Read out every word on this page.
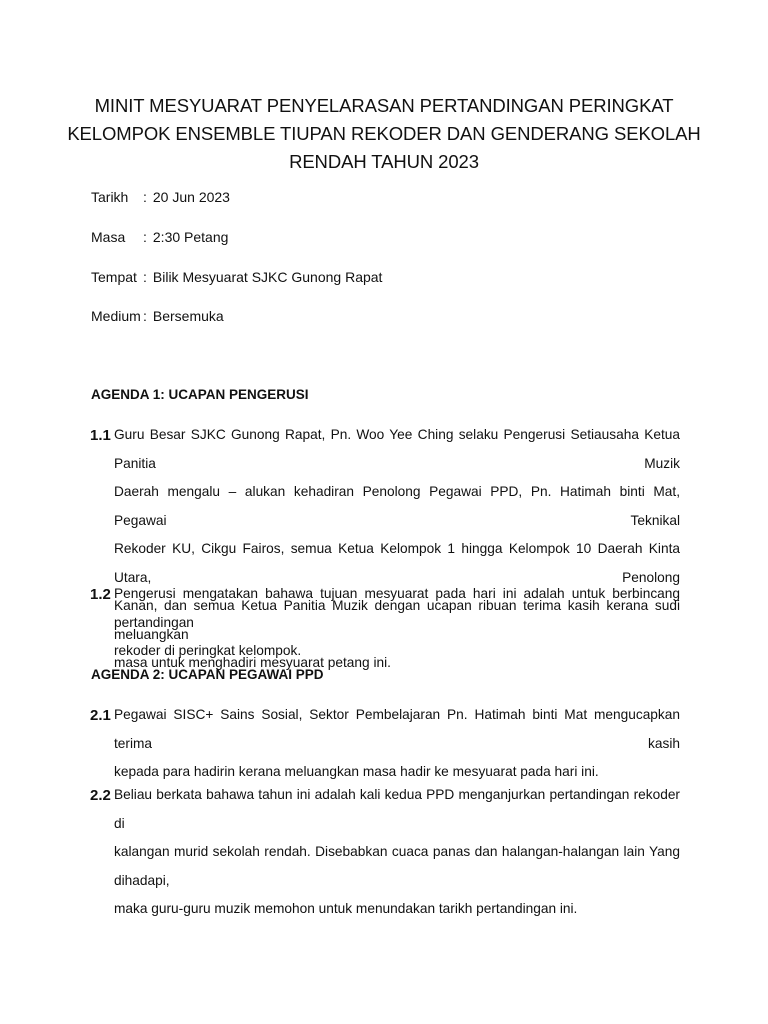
MINIT MESYUARAT PENYELARASAN PERTANDINGAN PERINGKAT
KELOMPOK ENSEMBLE TIUPAN REKODER DAN GENDERANG SEKOLAH
RENDAH TAHUN 2023
Tarikh : 20 Jun 2023
Masa : 2:30 Petang
Tempat : Bilik Mesyuarat SJKC Gunong Rapat
Medium : Bersemuka
AGENDA 1: UCAPAN PENGERUSI
1.1 Guru Besar SJKC Gunong Rapat, Pn. Woo Yee Ching selaku Pengerusi Setiausaha Ketua Panitia Muzik
Daerah mengalu – alukan kehadiran Penolong Pegawai PPD, Pn. Hatimah binti Mat, Pegawai Teknikal
Rekoder KU, Cikgu Fairos, semua Ketua Kelompok 1 hingga Kelompok 10 Daerah Kinta Utara, Penolong
Kanan, dan semua Ketua Panitia Muzik dengan ucapan ribuan terima kasih kerana sudi meluangkan
masa untuk menghadiri mesyuarat petang ini.
1.2 Pengerusi mengatakan bahawa tujuan mesyuarat pada hari ini adalah untuk berbincang pertandingan
rekoder di peringkat kelompok.
AGENDA 2: UCAPAN PEGAWAI PPD
2.1 Pegawai SISC+ Sains Sosial, Sektor Pembelajaran Pn. Hatimah binti Mat mengucapkan terima kasih
kepada para hadirin kerana meluangkan masa hadir ke mesyuarat pada hari ini.
2.2 Beliau berkata bahawa tahun ini adalah kali kedua PPD menganjurkan pertandingan rekoder di
kalangan murid sekolah rendah. Disebabkan cuaca panas dan halangan-halangan lain Yang dihadapi,
maka guru-guru muzik memohon untuk menundakan tarikh pertandingan ini.
